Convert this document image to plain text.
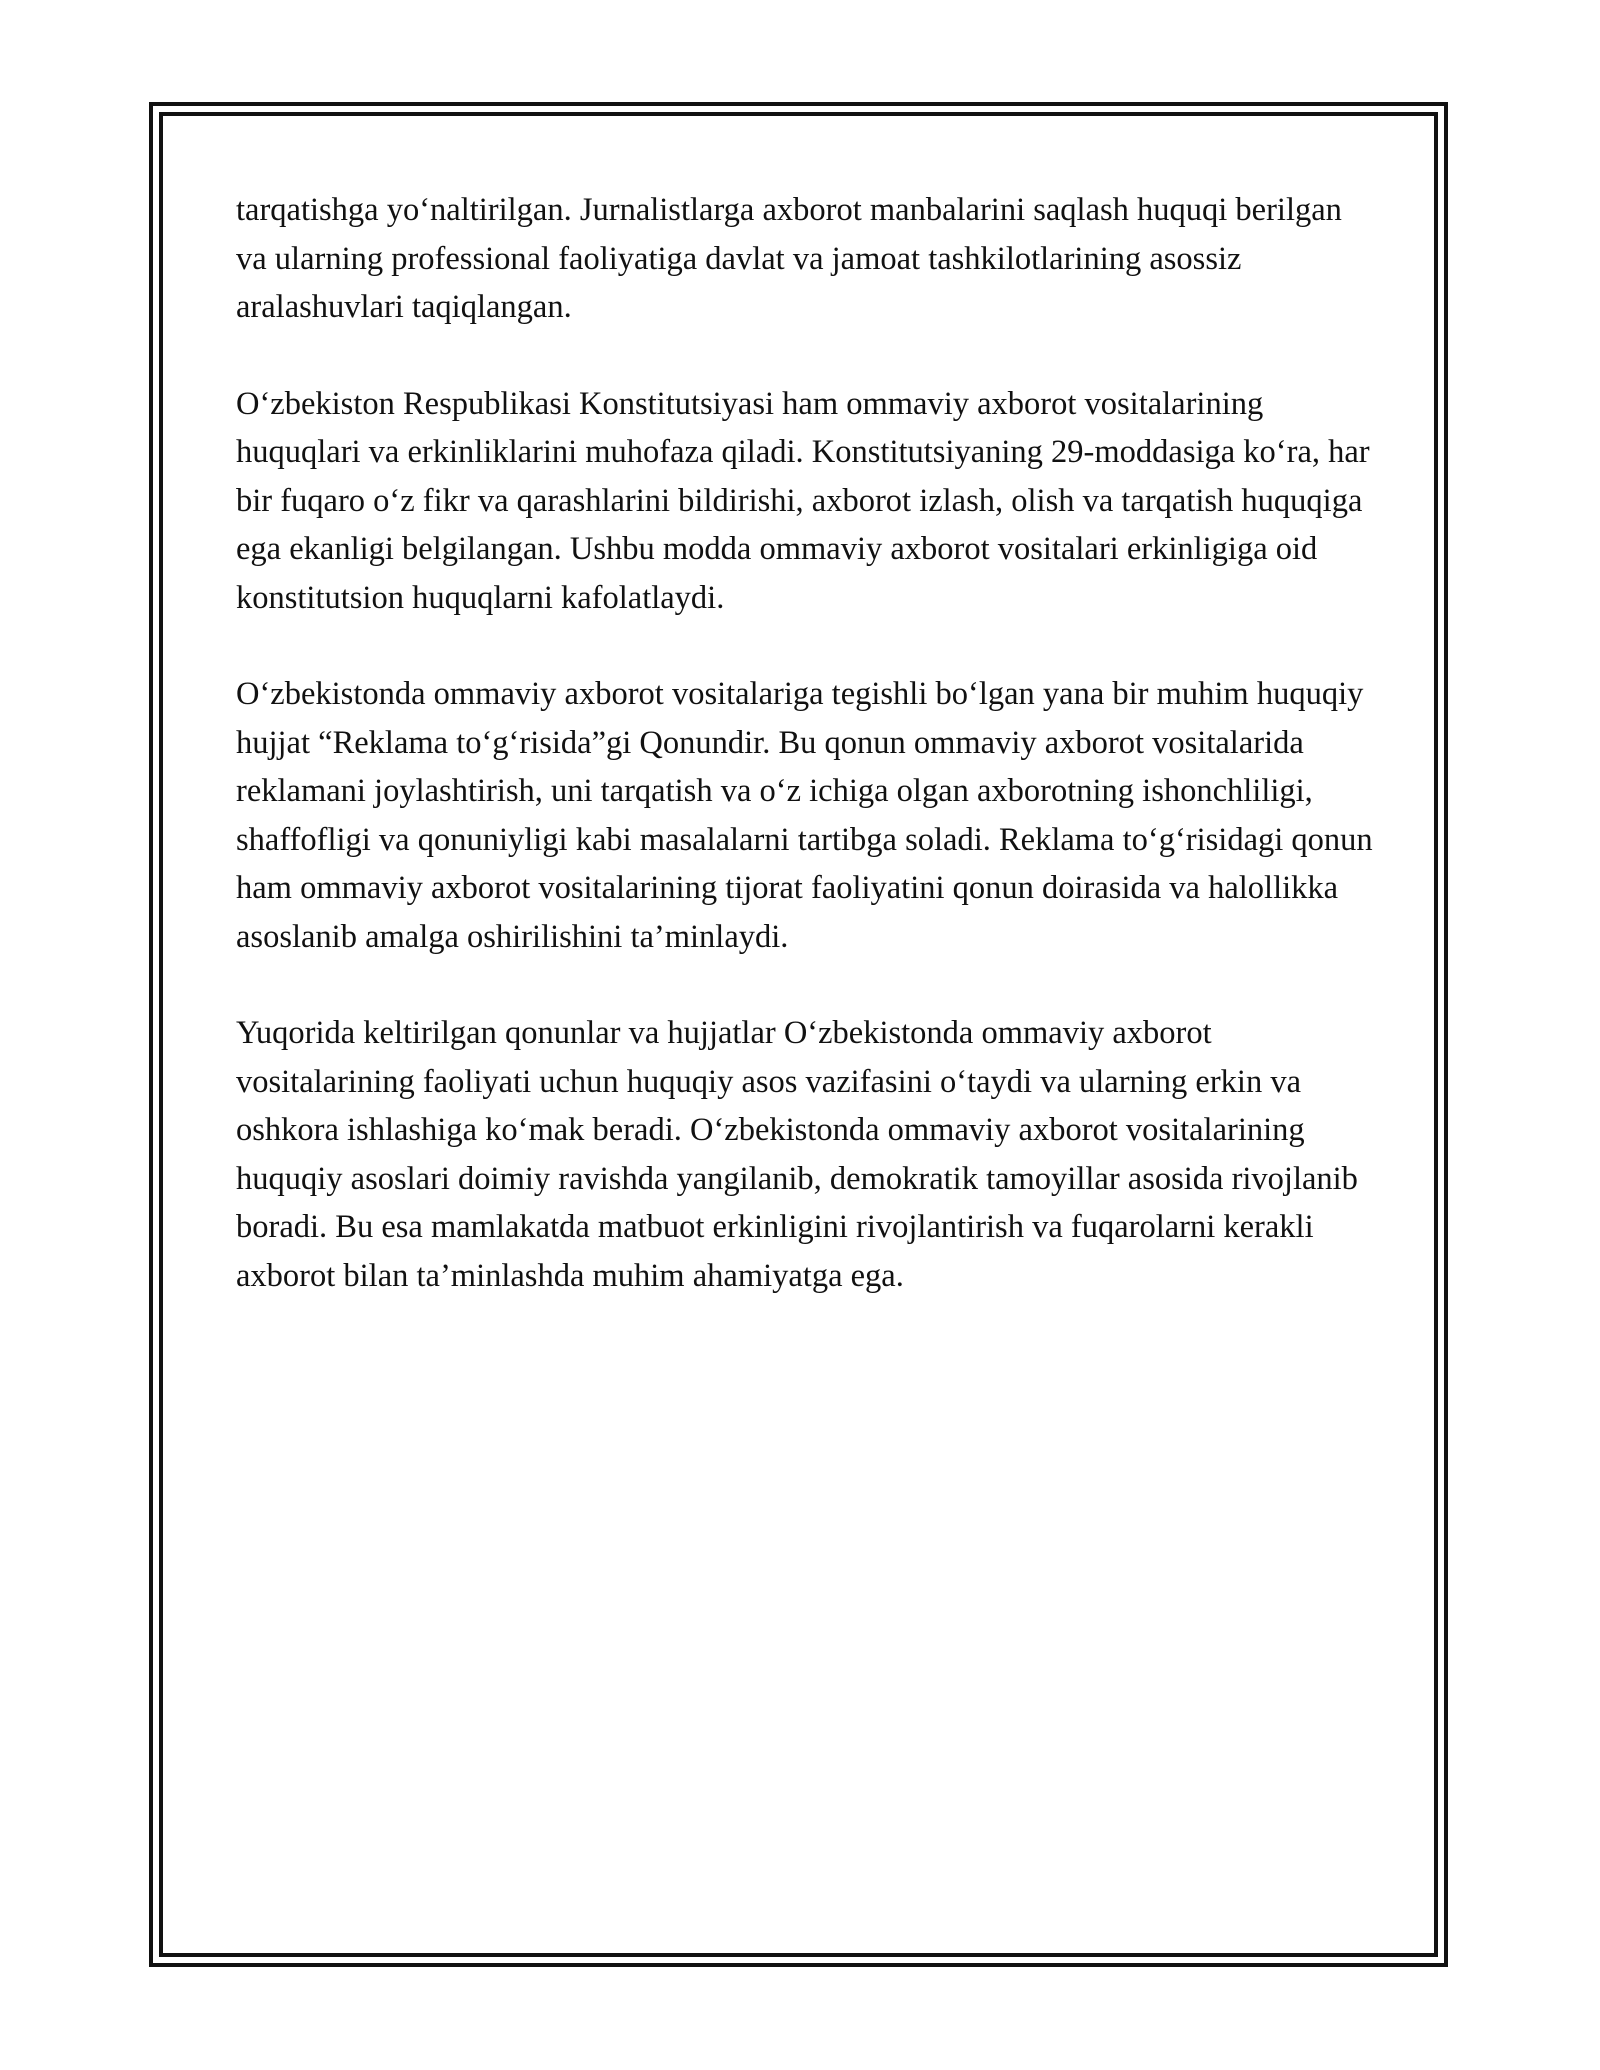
tarqatishga yo‘naltirilgan. Jurnalistlarga axborot manbalarini saqlash huquqi berilgan va ularning professional faoliyatiga davlat va jamoat tashkilotlarining asossiz aralashuvlari taqiqlangan.

O‘zbekiston Respublikasi Konstitutsiyasi ham ommaviy axborot vositalarining huquqlari va erkinliklarini muhofaza qiladi. Konstitutsiyaning 29-moddasiga ko‘ra, har bir fuqaro o‘z fikr va qarashlarini bildirishi, axborot izlash, olish va tarqatish huquqiga ega ekanligi belgilangan. Ushbu modda ommaviy axborot vositalari erkinligiga oid konstitutsion huquqlarni kafolatlaydi.

O‘zbekistonda ommaviy axborot vositalariga tegishli bo‘lgan yana bir muhim huquqiy hujjat “Reklama to‘g‘risida”gi Qonundir. Bu qonun ommaviy axborot vositalarida reklamani joylashtirish, uni tarqatish va o‘z ichiga olgan axborotning ishonchliligi, shaffofligi va qonuniyligi kabi masalalarni tartibga soladi. Reklama to‘g‘risidagi qonun ham ommaviy axborot vositalarining tijorat faoliyatini qonun doirasida va halollikka asoslanib amalga oshirilishini ta’minlaydi.

Yuqorida keltirilgan qonunlar va hujjatlar O‘zbekistonda ommaviy axborot vositalarining faoliyati uchun huquqiy asos vazifasini o‘taydi va ularning erkin va oshkora ishlashiga ko‘mak beradi. O‘zbekistonda ommaviy axborot vositalarining huquqiy asoslari doimiy ravishda yangilanib, demokratik tamoyillar asosida rivojlanib boradi. Bu esa mamlakatda matbuot erkinligini rivojlantirish va fuqarolarni kerakli axborot bilan ta’minlashda muhim ahamiyatga ega.
